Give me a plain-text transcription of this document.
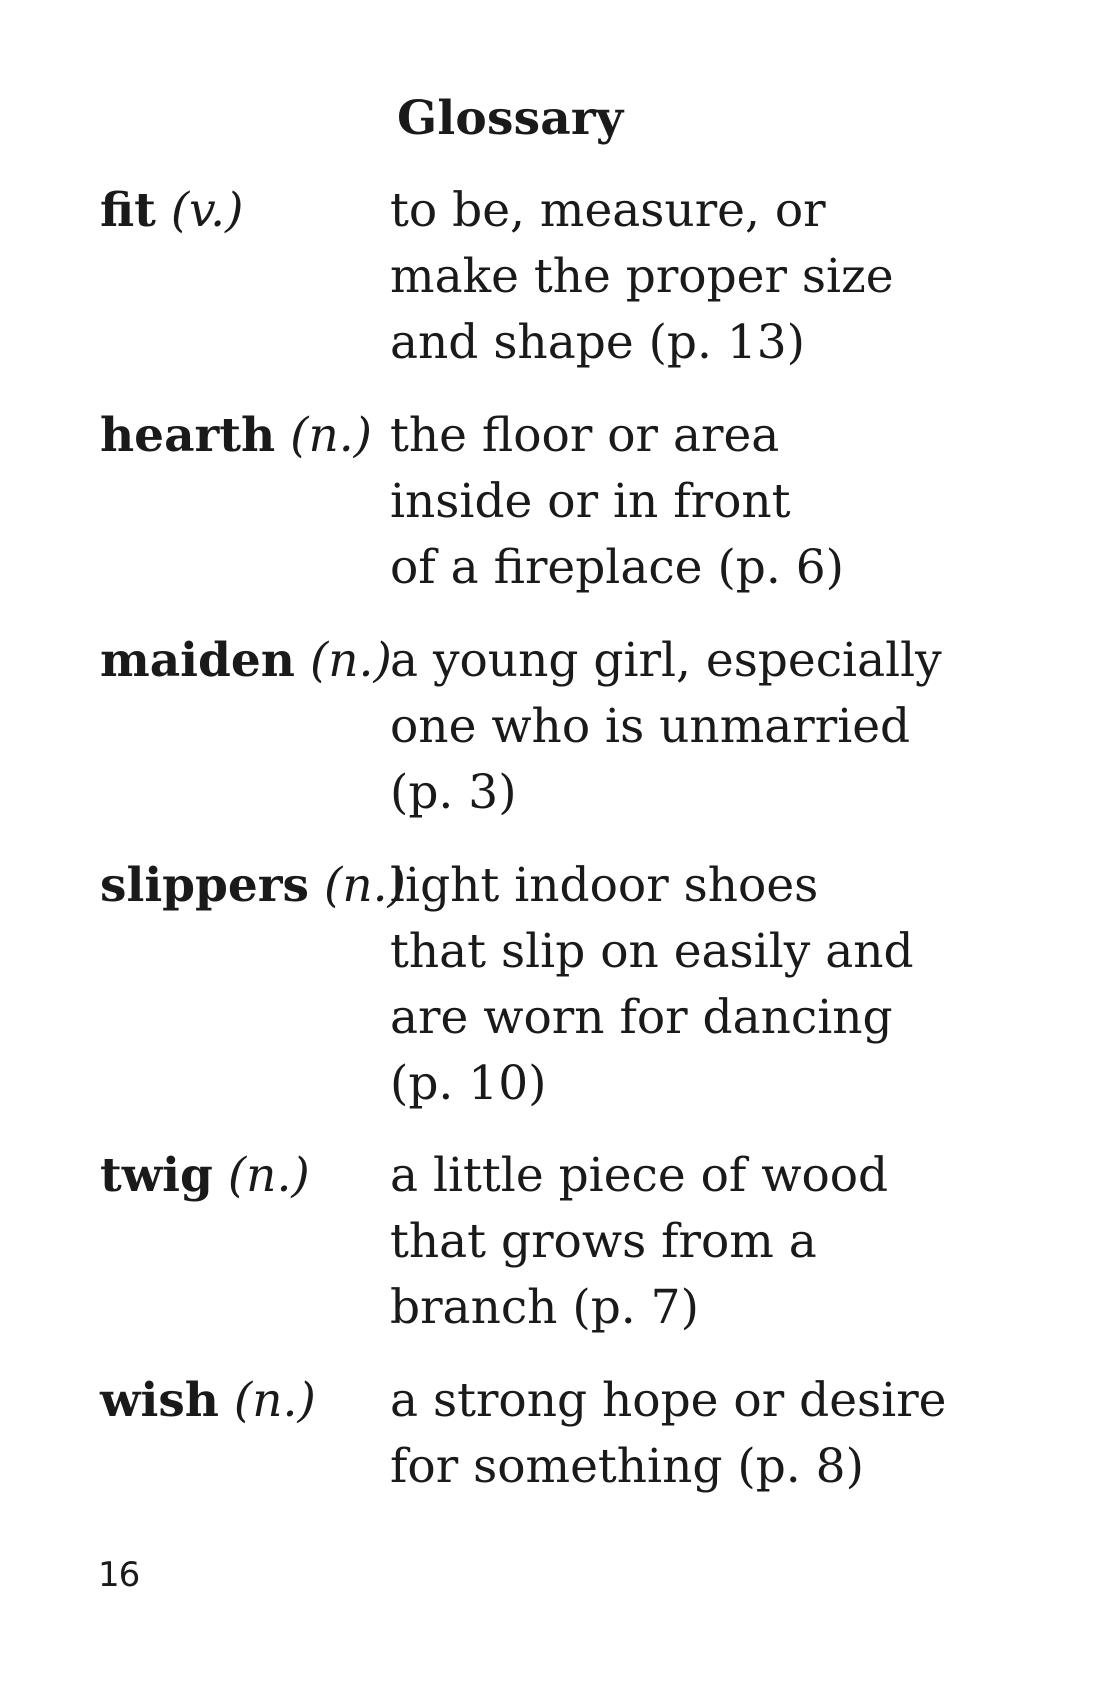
Glossary
fit (v.)	to be, measure, or
make the proper size
and shape (p. 13)
hearth (n.) the floor or area
inside or in front
of a fireplace (p. 6)
maiden (n.)
a young girl, especially
one who is unmarried
(p. 3)
slippers (n.)
light indoor shoes
that slip on easily and
are worn for dancing
(p. 10)
twig (n.) a little piece of wood
that grows from a
branch (p. 7)
wish (n.) a strong hope or desire
for something (p. 8)
16
